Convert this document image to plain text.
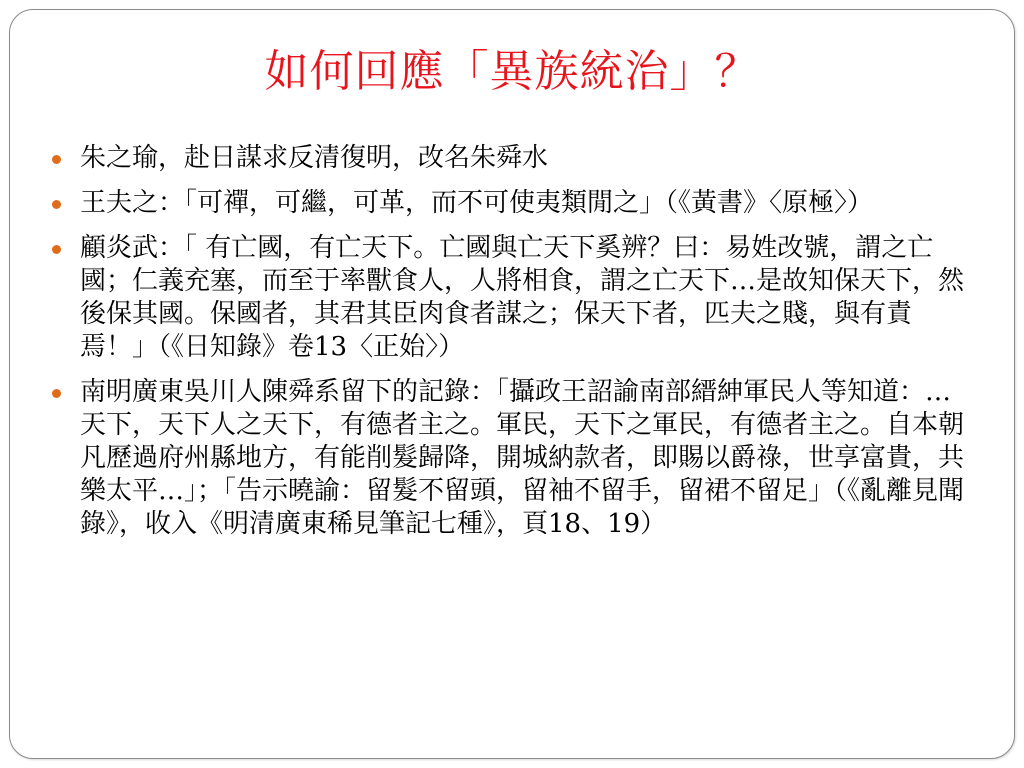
如何回應「異族統治」？
朱之瑜，赴日謀求反清復明，改名朱舜水
王夫之：「可禪，可繼，可革，而不可使夷類閒之」（《黃書》〈原極〉）
顧炎武：「 有亡國，有亡天下。亡國與亡天下奚辨？曰：易姓改號，謂之亡國；仁義充塞，而至于率獸食人，人將相食，謂之亡天下…是故知保天下，然後保其國。保國者，其君其臣肉食者謀之；保天下者，匹夫之賤，與有責焉！」（《日知錄》卷13〈正始〉）
南明廣東吳川人陳舜系留下的記錄：「攝政王詔諭南部縉紳軍民人等知道：…天下，天下人之天下，有德者主之。軍民，天下之軍民，有德者主之。自本朝凡歷過府州縣地方，有能削髮歸降，開城納款者，即賜以爵祿，世享富貴，共樂太平…」；「告示曉諭：留髮不留頭，留袖不留手，留裙不留足」（《亂離見聞錄》，收入《明清廣東稀見筆記七種》，頁18、19）
